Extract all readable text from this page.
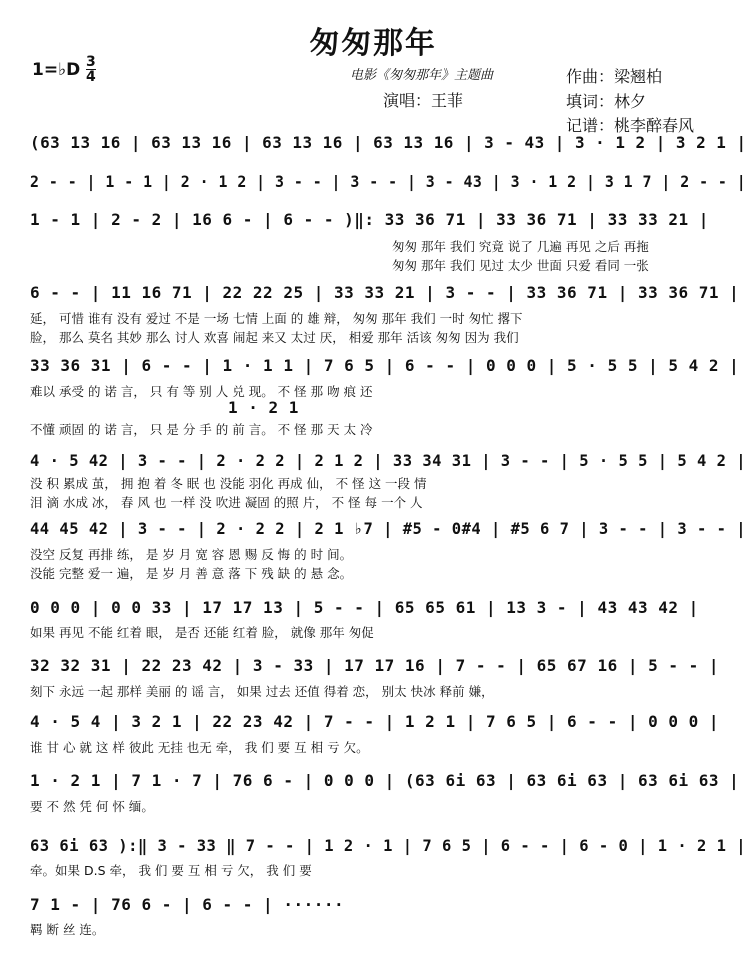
匆匆那年
1=♭D 3
4	电影《匆匆那年》主题曲
演唱：王菲
作曲：梁翘柏
填词：林夕
记谱：桃李醉春风
(63 13 16 | 63 13 16 | 63 13 16 | 63 13 16 | 3 - 43 | 3 · 1 2 | 3 2 1 |
2 - - | 1 - 1 | 2 · 1 2 | 3 - - | 3 - - | 3 - 43 | 3 · 1 2 | 3 1 7 | 2 - - |
1 - 1 | 2 - 2 | 16 6 - | 6 - - )‖: 33 36 71 | 33 36 71 | 33 33 21 |
匆匆 那年 我们 究竟 说了 几遍 再见 之后 再拖
匆匆 那年 我们 见过 太少 世面 只爱 看同 一张
6 - - | 11 16 71 | 22 22 25 | 33 33 21 | 3 - - | 33 36 71 | 33 36 71 |
延， 可惜 谁有 没有 爱过 不是 一场 七情 上面 的 雄 辩， 匆匆 那年 我们 一时 匆忙 撂下
脸， 那么 莫名 其妙 那么 讨人 欢喜 闹起 来又 太过 厌， 相爱 那年 活该 匆匆 因为 我们
33 36 31 | 6 - - | 1 · 1 1 | 7 6 5 | 6 - - | 0 0 0 | 5 · 5 5 | 5 4 2 |
难以 承受 的 诺 言， 只 有 等 别 人 兑 现。 不 怪 那 吻 痕 还
1 · 2 1
不懂 顽固 的 诺 言， 只 是 分 手 的 前 言。 不 怪 那 天 太 冷
4 · 5 42 | 3 - - | 2 · 2 2 | 2 1 2 | 33 34 31 | 3 - - | 5 · 5 5 | 5 4 2 |
没 积 累成 茧， 拥 抱 着 冬 眠 也 没能 羽化 再成 仙， 不 怪 这 一段 情
泪 滴 水成 冰， 春 风 也 一样 没 吹进 凝固 的照 片， 不 怪 每 一个 人
44 45 42 | 3 - - | 2 · 2 2 | 2 1 ♭7 | #5 - 0#4 | #5 6 7 | 3 - - | 3 - - |
没空 反复 再排 练， 是 岁 月 宽 容 恩 赐 反 悔 的 时 间。
没能 完整 爱一 遍， 是 岁 月 善 意 落 下 残 缺 的 悬 念。
0 0 0 | 0 0 33 | 17 17 13 | 5 - - | 65 65 61 | 13 3 - | 43 43 42 |
如果 再见 不能 红着 眼， 是否 还能 红着 脸， 就像 那年 匆促
32 32 31 | 22 23 42 | 3 - 33 | 17 17 16 | 7 - - | 65 67 16 | 5 - - |
刻下 永远 一起 那样 美丽 的 谣 言， 如果 过去 还值 得着 恋， 别太 快冰 释前 嫌，
4 · 5 4 | 3 2 1 | 22 23 42 | 7 - - | 1 2 1 | 7 6 5 | 6 - - | 0 0 0 |
谁 甘 心 就 这 样 彼此 无挂 也无 牵， 我 们 要 互 相 亏 欠。
1 · 2 1 | 7 1 · 7 | 76 6 - | 0 0 0 | (63 6i 63 | 63 6i 63 | 63 6i 63 |
要 不 然 凭 何 怀 缅。
63 6i 63 ):‖ 3 - 33 ‖ 7 - - | 1 2 · 1 | 7 6 5 | 6 - - | 6 - 0 | 1 · 2 1 |
牵。如果 D.S 牵， 我 们 要 互 相 亏 欠， 我 们 要
7 1 - | 76 6 - | 6 - - | ······
羁 断 丝 连。
